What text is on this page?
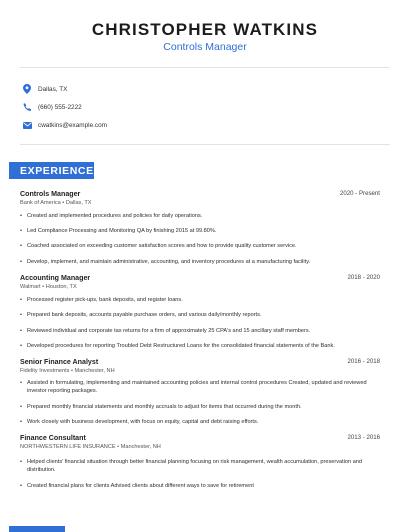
CHRISTOPHER WATKINS
Controls Manager
Dallas, TX
(660) 555-2222
cwatkins@example.com
EXPERIENCE
Controls Manager	2020 - Present
Bank of America • Dallas, TX
• Created and implemented procedures and policies for daily operations.
• Led Compliance Processing and Monitoring QA by finishing 2015 at 99.80%.
• Coached associated on exceeding customer satisfaction scores and how to provide quality customer service.
• Develop, implement, and maintain administrative, accounting, and inventory procedures at a manufacturing facility.
Accounting Manager	2018 - 2020
Walmart • Houston, TX
• Processed register pick-ups, bank deposits, and register loans.
• Prepared bank deposits, accounts payable purchase orders, and various daily/monthly reports.
• Reviewed individual and corporate tax returns for a firm of approximately 25 CPA's and 15 ancillary staff members.
• Developed procedures for reporting Troubled Debt Restructured Loans for the consolidated financial statements of the Bank.
Senior Finance Analyst	2016 - 2018
Fidelity Investments • Manchester, NH
• Assisted in formulating, implementing and maintained accounting policies and internal control procedures Created, updated and reviewed investor reporting packages.
• Prepared monthly financial statements and monthly accruals to adjust for items that occurred during the month.
• Work closely with business development, with focus on equity, capital and debt raising efforts.
Finance Consultant	2013 - 2016
NORTHWESTERN LIFE INSURANCE • Manchester, NH
• Helped clients' financial situation through better financial planning focusing on risk management, wealth accumulation, preservation and distribution.
• Created financial plans for clients Advised clients about different ways to save for retirement
